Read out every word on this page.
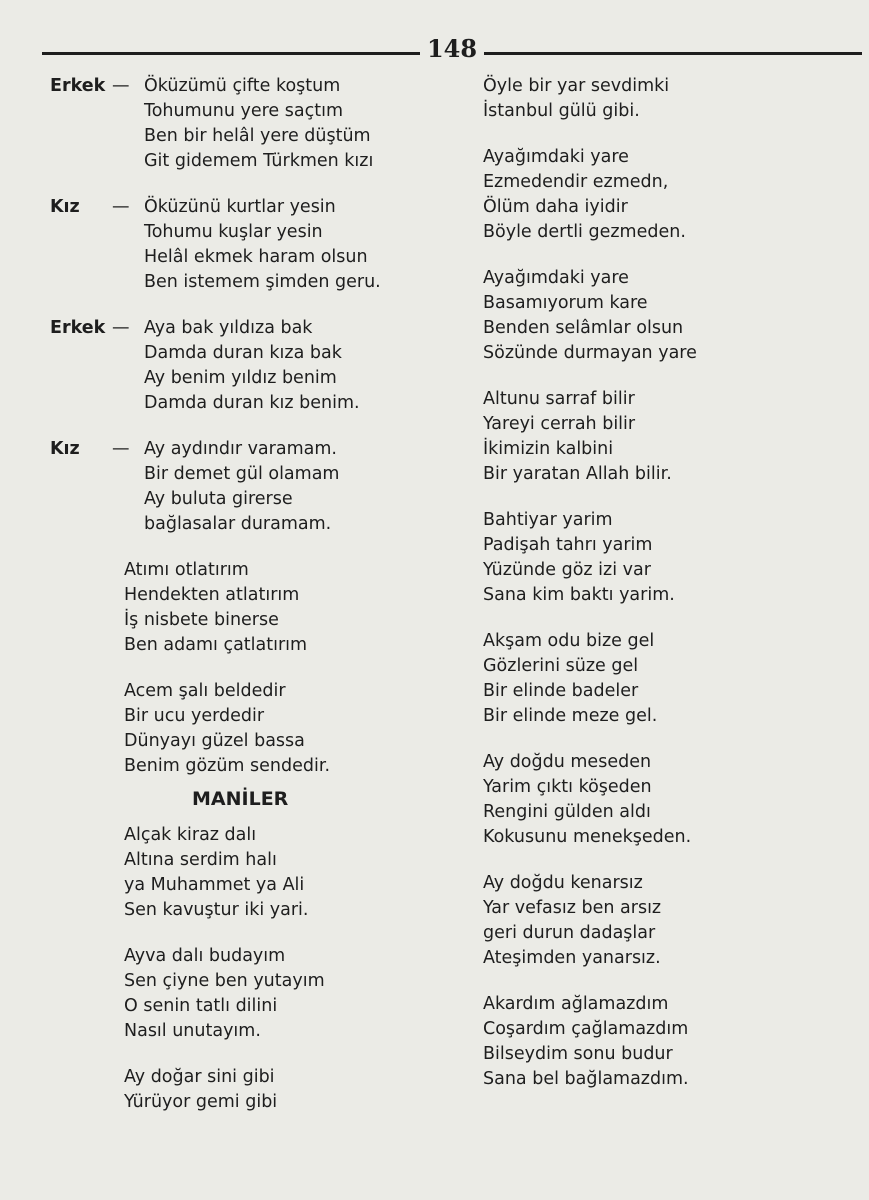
148
Erkek — Öküzümü çifte koştum
Tohumunu yere saçtım
Ben bir helâl yere düştüm
Git gidemem Türkmen kızı
Kız	— Öküzünü kurtlar yesin
Tohumu kuşlar yesin
Helâl ekmek haram olsun
Ben istemem şimden geru.
Erkek — Aya bak yıldıza bak
Damda duran kıza bak
Ay benim yıldız benim
Damda duran kız benim.
Kız	— Ay aydındır varamam.
Bir demet gül olamam
Ay buluta girerse
bağlasalar duramam.
Atımı otlatırım
Hendekten atlatırım
İş nisbete binerse
Ben adamı çatlatırım
Acem şalı beldedir
Bir ucu yerdedir
Dünyayı güzel bassa
Benim gözüm sendedir.
MANİLER
Alçak kiraz dalı
Altına serdim halı
ya Muhammet ya Ali
Sen kavuştur iki yari.
Ayva dalı budayım
Sen çiyne ben yutayım
O senin tatlı dilini
Nasıl unutayım.
Ay doğar sini gibi
Yürüyor gemi gibi
Öyle bir yar sevdimki
İstanbul gülü gibi.
Ayağımdaki yare
Ezmedendir ezmedn,
Ölüm daha iyidir
Böyle dertli gezmeden.
Ayağımdaki yare
Basamıyorum kare
Benden selâmlar olsun
Sözünde durmayan yare
Altunu sarraf bilir
Yareyi cerrah bilir
İkimizin kalbini
Bir yaratan Allah bilir.
Bahtiyar yarim
Padişah tahrı yarim
Yüzünde göz izi var
Sana kim baktı yarim.
Akşam odu bize gel
Gözlerini süze gel
Bir elinde badeler
Bir elinde meze gel.
Ay doğdu meseden
Yarim çıktı köşeden
Rengini gülden aldı
Kokusunu menekşeden.
Ay doğdu kenarsız
Yar vefasız ben arsız
geri durun dadaşlar
Ateşimden yanarsız.
Akardım ağlamazdım
Coşardım çağlamazdım
Bilseydim sonu budur
Sana bel bağlamazdım.
